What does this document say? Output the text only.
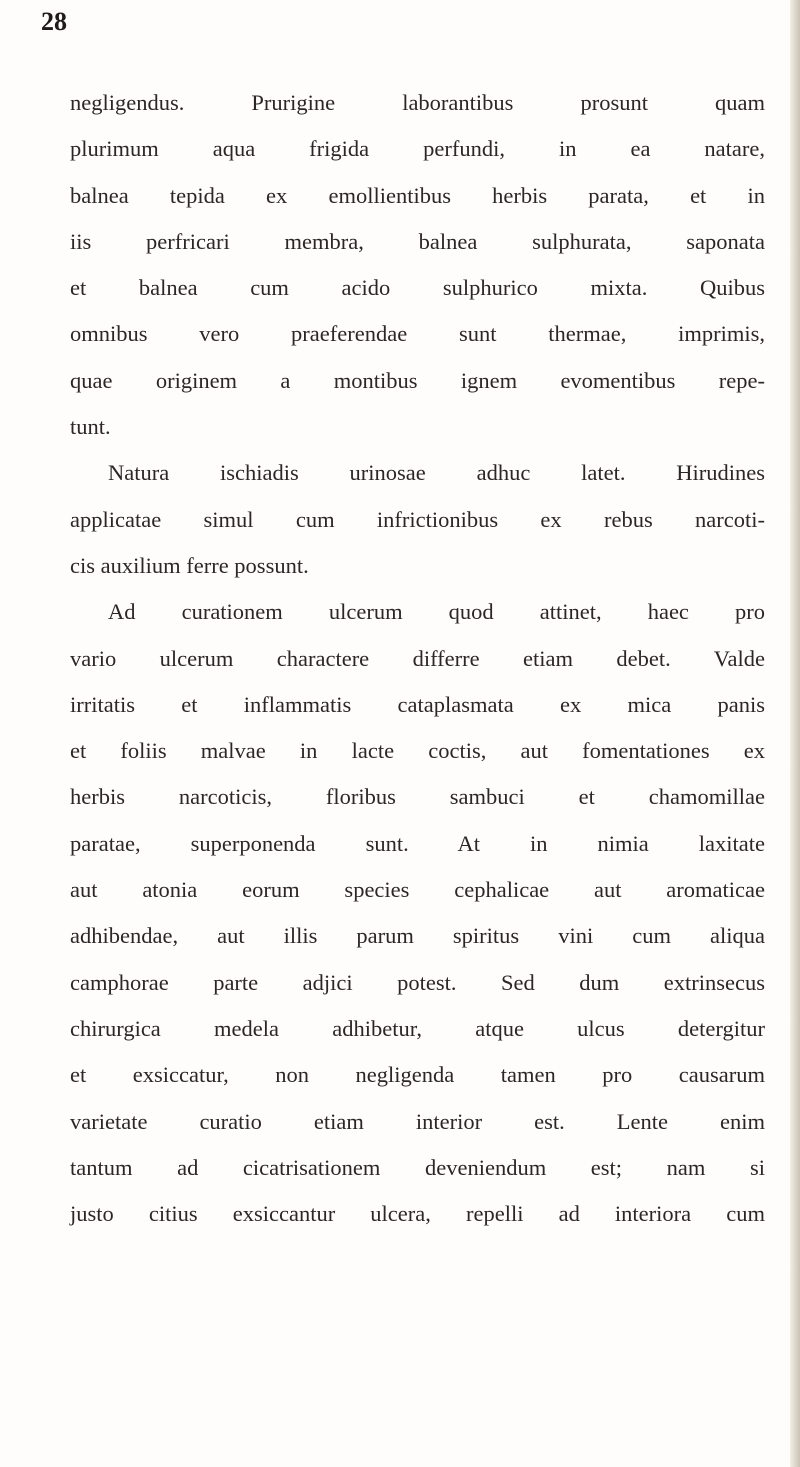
28
negligendus. Prurigine laborantibus prosunt quam
plurimum aqua frigida perfundi, in ea natare,
balnea tepida ex emollientibus herbis parata, et in
iis perfricari membra, balnea sulphurata, saponata
et balnea cum acido sulphurico mixta. Quibus
omnibus vero praeferendae sunt thermae, imprimis,
quae originem a montibus ignem evomentibus repe-
tunt.
Natura ischiadis urinosae adhuc latet. Hirudines
applicatae simul cum infrictionibus ex rebus narcoti-
cis auxilium ferre possunt.
Ad curationem ulcerum quod attinet, haec pro
vario ulcerum charactere differre etiam debet. Valde
irritatis et inflammatis cataplasmata ex mica panis
et foliis malvae in lacte coctis, aut fomentationes ex
herbis narcoticis, floribus sambuci et chamomillae
paratae, superponenda sunt. At in nimia laxitate
aut atonia eorum species cephalicae aut aromaticae
adhibendae, aut illis parum spiritus vini cum aliqua
camphorae parte adjici potest. Sed dum extrinsecus
chirurgica medela adhibetur, atque ulcus detergitur
et exsiccatur, non negligenda tamen pro causarum
varietate curatio etiam interior est. Lente enim
tantum ad cicatrisationem deveniendum est; nam si
justo citius exsiccantur ulcera, repelli ad interiora cum
